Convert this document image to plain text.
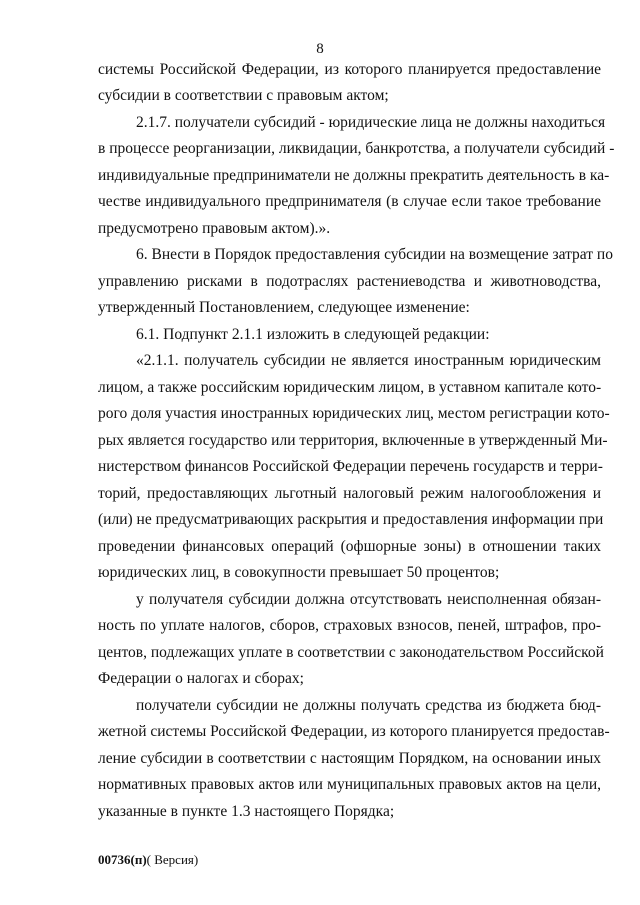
8
системы Российской Федерации, из которого планируется предоставление
субсидии в соответствии с правовым актом;
2.1.7. получатели субсидий - юридические лица не должны находиться
в процессе реорганизации, ликвидации, банкротства, а получатели субсидий -
индивидуальные предприниматели не должны прекратить деятельность в ка-
честве индивидуального предпринимателя (в случае если такое требование
предусмотрено правовым актом).».
6. Внести в Порядок предоставления субсидии на возмещение затрат по
управлению рисками в подотраслях растениеводства и животноводства,
утвержденный Постановлением, следующее изменение:
6.1. Подпункт 2.1.1 изложить в следующей редакции:
«2.1.1. получатель субсидии не является иностранным юридическим
лицом, а также российским юридическим лицом, в уставном капитале кото-
рого доля участия иностранных юридических лиц, местом регистрации кото-
рых является государство или территория, включенные в утвержденный Ми-
нистерством финансов Российской Федерации перечень государств и терри-
торий, предоставляющих льготный налоговый режим налогообложения и
(или) не предусматривающих раскрытия и предоставления информации при
проведении финансовых операций (офшорные зоны) в отношении таких
юридических лиц, в совокупности превышает 50 процентов;
у получателя субсидии должна отсутствовать неисполненная обязан-
ность по уплате налогов, сборов, страховых взносов, пеней, штрафов, про-
центов, подлежащих уплате в соответствии с законодательством Российской
Федерации о налогах и сборах;
получатели субсидии не должны получать средства из бюджета бюд-
жетной системы Российской Федерации, из которого планируется предостав-
ление субсидии в соответствии с настоящим Порядком, на основании иных
нормативных правовых актов или муниципальных правовых актов на цели,
указанные в пункте 1.3 настоящего Порядка;
00736(п)( Версия)
